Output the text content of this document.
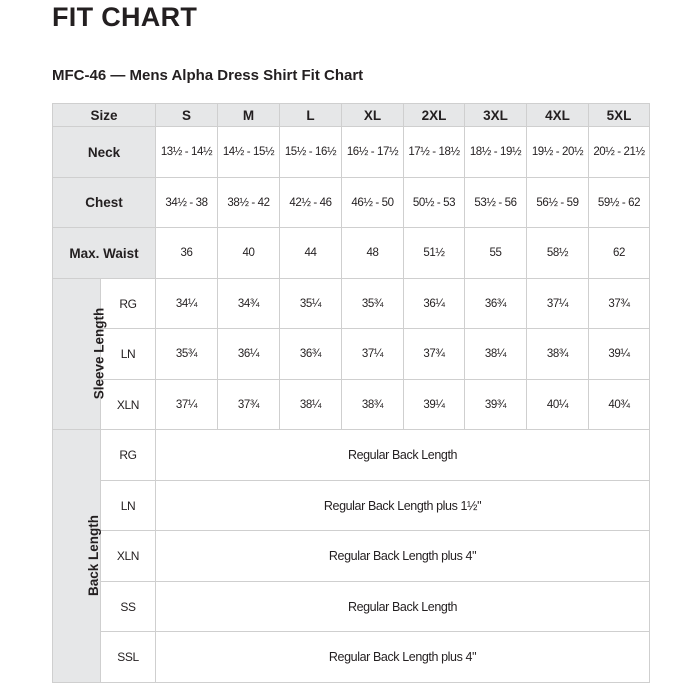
FIT CHART
MFC-46 — Mens Alpha Dress Shirt Fit Chart
Size		S	M	L	XL	2XL	3XL	4XL	5XL
Neck		13½ - 14½	14½ - 15½	15½ - 16½	16½ - 17½	17½ - 18½	18½ - 19½	19½ - 20½	20½ - 21½
Chest		34½ - 38	38½ - 42	42½ - 46	46½ - 50	50½ - 53	53½ - 56	56½ - 59	59½ - 62
Max. Waist		36	40	44	48	51½	55	58½	62
Sleeve Length	RG	34¼	34¾	35¼	35¾	36¼	36¾	37¼	37¾
	LN	35¾	36¼	36¾	37¼	37¾	38¼	38¾	39¼
	XLN	37¼	37¾	38¼	38¾	39¼	39¾	40¼	40¾
Back Length	RG	Regular Back Length							
	LN	Regular Back Length plus 1½"							
	XLN	Regular Back Length plus 4"							
	SS	Regular Back Length							
	SSL	Regular Back Length plus 4"							
